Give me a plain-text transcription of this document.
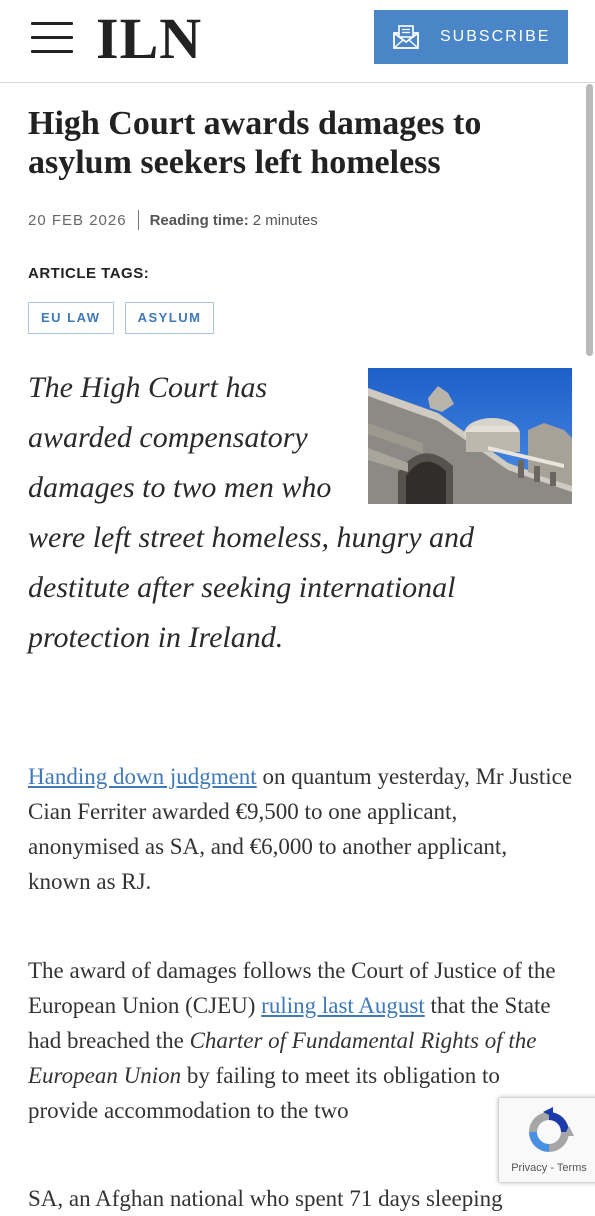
ILN	SUBSCRIBE
High Court awards damages to asylum seekers left homeless
20 FEB 2026 Reading time: 2 minutes
ARTICLE TAGS:
EU LAW	ASYLUM

The High Court has awarded compensatory damages to two men who were left street homeless, hungry and destitute after seeking international protection in Ireland.

Handing down judgment on quantum yesterday, Mr Justice Cian Ferriter awarded €9,500 to one applicant, anonymised as SA, and €6,000 to another applicant, known as RJ.

The award of damages follows the Court of Justice of the European Union (CJEU) ruling last August that the State had breached the Charter of Fundamental Rights of the European Union by failing to meet its obligation to provide accommodation to the two

SA, an Afghan national who spent 71 days sleeping

Privacy - Terms
